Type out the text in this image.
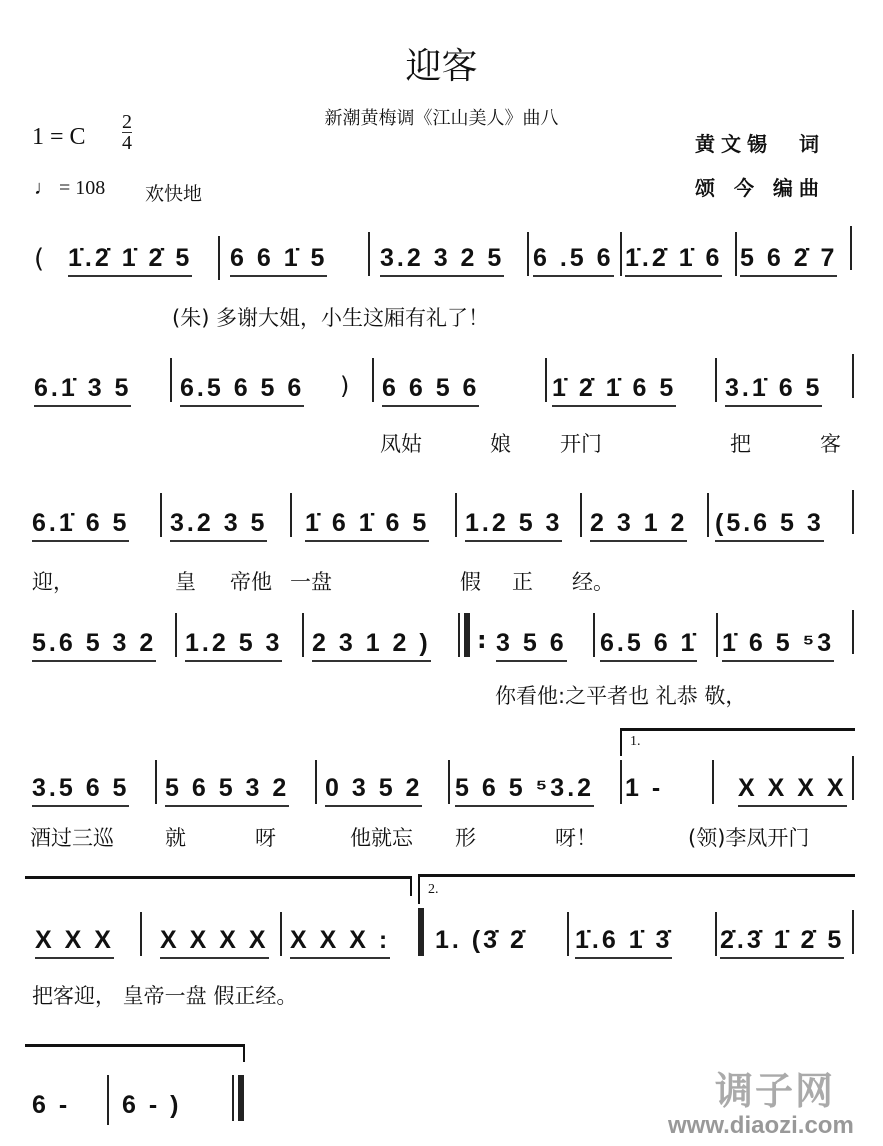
迎客
新潮黄梅调《江山美人》曲八
1 = C
2
4
♩ = 108 欢快地
黄文锡　词
颂 今 编曲
( 1̇.2̇ 1̇ 2̇ 5 6 6 1̇ 5 3.2 3 2 5 6 .5 6 1̇.2̇ 1̇ 6 5 6 2̇ 7
(朱) 多谢大姐，小生这厢有礼了！
6.1̇ 3 5 6.5 6 5 6 ) 6 6 5 6	1̇ 2̇ 1̇ 6 5 3.1̇ 6 5
凤姑	娘 开门	把	客
6.1̇ 6 5 3.2 3 5 1̇ 6 1̇ 6 5 1.2 5 3 2 3 1 2 (5.6 5 3
迎，	皇 帝他 一盘	假 正 经。
5.6 5 3 2 1.2 5 3 2 3 1 2 ) : 3 5 6 6.5 6 1̇ 1̇ 6 5 ⁵3
你看他:之平者也 礼恭 敬，
1.
3.5 6 5 5 6 5 3 2 0 3 5 2 5 6 5 ⁵3.2 1 -	X X X X
酒过三巡 就	呀	他就忘 形	呀！	(领)李凤开门
2.
X X X X X X X X X X : 1. (3̇ 2̇ 1̇.6 1̇ 3̇ 2̇.3̇ 1̇ 2̇ 5
把客迎， 皇帝一盘 假正经。
6 - 6 - )	调子网
www.diaozi.com
